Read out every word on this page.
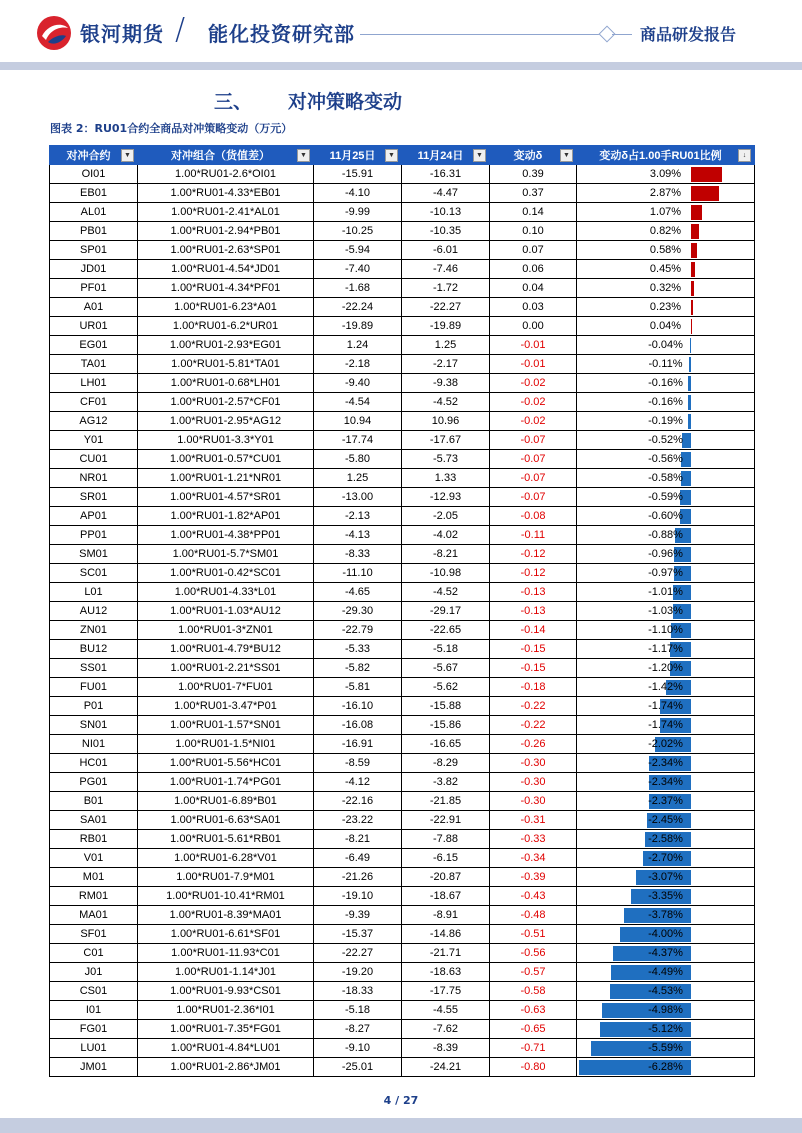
银河期货 / 能化投资研究部	商品研发报告
三、 对冲策略变动
图表 2：RU01合约全商品对冲策略变动（万元）
对冲合约 ▼	对冲组合（货值差） ▼	11月25日 ▼	11月24日 ▼	变动δ ▼	变动δ占1.00手RU01比例 ↓

OI01	1.00*RU01-2.6*OI01	-15.91	-16.31	0.39	3.09%
EB01	1.00*RU01-4.33*EB01	-4.10	-4.47	0.37	2.87%
AL01	1.00*RU01-2.41*AL01	-9.99	-10.13	0.14	1.07%
PB01	1.00*RU01-2.94*PB01	-10.25	-10.35	0.10	0.82%
SP01	1.00*RU01-2.63*SP01	-5.94	-6.01	0.07	0.58%
JD01	1.00*RU01-4.54*JD01	-7.40	-7.46	0.06	0.45%
PF01	1.00*RU01-4.34*PF01	-1.68	-1.72	0.04	0.32%
A01	1.00*RU01-6.23*A01	-22.24	-22.27	0.03	0.23%
UR01	1.00*RU01-6.2*UR01	-19.89	-19.89	0.00	0.04%
EG01	1.00*RU01-2.93*EG01	1.24	1.25	-0.01	-0.04%
TA01	1.00*RU01-5.81*TA01	-2.18	-2.17	-0.01	-0.11%
LH01	1.00*RU01-0.68*LH01	-9.40	-9.38	-0.02	-0.16%
CF01	1.00*RU01-2.57*CF01	-4.54	-4.52	-0.02	-0.16%
AG12	1.00*RU01-2.95*AG12	10.94	10.96	-0.02	-0.19%
Y01	1.00*RU01-3.3*Y01	-17.74	-17.67	-0.07	-0.52%
CU01	1.00*RU01-0.57*CU01	-5.80	-5.73	-0.07	-0.56%
NR01	1.00*RU01-1.21*NR01	1.25	1.33	-0.07	-0.58%
SR01	1.00*RU01-4.57*SR01	-13.00	-12.93	-0.07	-0.59%
AP01	1.00*RU01-1.82*AP01	-2.13	-2.05	-0.08	-0.60%
PP01	1.00*RU01-4.38*PP01	-4.13	-4.02	-0.11	-0.88%
SM01	1.00*RU01-5.7*SM01	-8.33	-8.21	-0.12	-0.96%
SC01	1.00*RU01-0.42*SC01	-11.10	-10.98	-0.12	-0.97%
L01	1.00*RU01-4.33*L01	-4.65	-4.52	-0.13	-1.01%
AU12	1.00*RU01-1.03*AU12	-29.30	-29.17	-0.13	-1.03%
ZN01	1.00*RU01-3*ZN01	-22.79	-22.65	-0.14	-1.10%
BU12	1.00*RU01-4.79*BU12	-5.33	-5.18	-0.15	-1.17%
SS01	1.00*RU01-2.21*SS01	-5.82	-5.67	-0.15	-1.20%
FU01	1.00*RU01-7*FU01	-5.81	-5.62	-0.18	-1.42%
P01	1.00*RU01-3.47*P01	-16.10	-15.88	-0.22	-1.74%
SN01	1.00*RU01-1.57*SN01	-16.08	-15.86	-0.22	-1.74%
NI01	1.00*RU01-1.5*NI01	-16.91	-16.65	-0.26	-2.02%
HC01	1.00*RU01-5.56*HC01	-8.59	-8.29	-0.30	-2.34%
PG01	1.00*RU01-1.74*PG01	-4.12	-3.82	-0.30	-2.34%
B01	1.00*RU01-6.89*B01	-22.16	-21.85	-0.30	-2.37%
SA01	1.00*RU01-6.63*SA01	-23.22	-22.91	-0.31	-2.45%
RB01	1.00*RU01-5.61*RB01	-8.21	-7.88	-0.33	-2.58%
V01	1.00*RU01-6.28*V01	-6.49	-6.15	-0.34	-2.70%
M01	1.00*RU01-7.9*M01	-21.26	-20.87	-0.39	-3.07%
RM01	1.00*RU01-10.41*RM01	-19.10	-18.67	-0.43	-3.35%
MA01	1.00*RU01-8.39*MA01	-9.39	-8.91	-0.48	-3.78%
SF01	1.00*RU01-6.61*SF01	-15.37	-14.86	-0.51	-4.00%
C01	1.00*RU01-11.93*C01	-22.27	-21.71	-0.56	-4.37%
J01	1.00*RU01-1.14*J01	-19.20	-18.63	-0.57	-4.49%
CS01	1.00*RU01-9.93*CS01	-18.33	-17.75	-0.58	-4.53%
I01	1.00*RU01-2.36*I01	-5.18	-4.55	-0.63	-4.98%
FG01	1.00*RU01-7.35*FG01	-8.27	-7.62	-0.65	-5.12%
LU01	1.00*RU01-4.84*LU01	-9.10	-8.39	-0.71	-5.59%
JM01	1.00*RU01-2.86*JM01	-25.01	-24.21	-0.80	-6.28%
4 / 27
